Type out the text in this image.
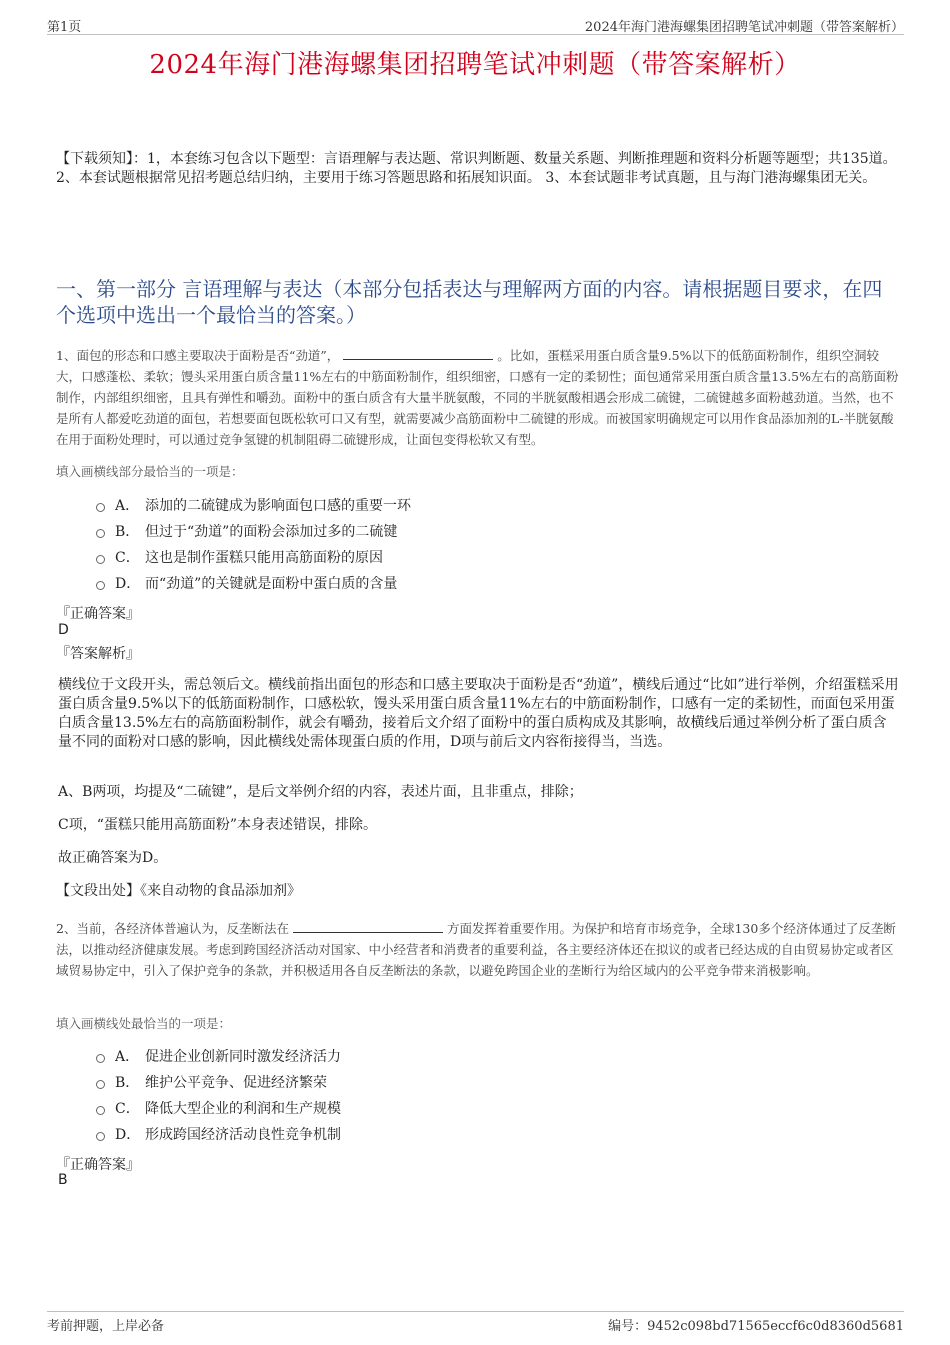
第1页	2024年海门港海螺集团招聘笔试冲刺题（带答案解析）
2024年海门港海螺集团招聘笔试冲刺题（带答案解析）
【下载须知】：1，本套练习包含以下题型：言语理解与表达题、常识判断题、数量关系题、判断推理题和资料分析题等题型；共135道。 2、本套试题根据常见招考题总结归纳，主要用于练习答题思路和拓展知识面。 3、本套试题非考试真题，且与海门港海螺集团无关。
一、第一部分 言语理解与表达（本部分包括表达与理解两方面的内容。请根据题目要求，在四个选项中选出一个最恰当的答案。）
1、面包的形态和口感主要取决于面粉是否“劲道”，	。比如，蛋糕采用蛋白质含量9.5%以下的低筋面粉制作，组织空洞较大，口感蓬松、柔软；馒头采用蛋白质含量11%左右的中筋面粉制作，组织细密，口感有一定的柔韧性；面包通常采用蛋白质含量13.5%左右的高筋面粉制作，内部组织细密，且具有弹性和嚼劲。面粉中的蛋白质含有大量半胱氨酸，不同的半胱氨酸相遇会形成二硫键，二硫键越多面粉越劲道。当然，也不是所有人都爱吃劲道的面包，若想要面包既松软可口又有型，就需要减少高筋面粉中二硫键的形成。而被国家明确规定可以用作食品添加剂的L-半胱氨酸在用于面粉处理时，可以通过竞争氢键的机制阻碍二硫键形成，让面包变得松软又有型。
填入画横线部分最恰当的一项是：
A． 添加的二硫键成为影响面包口感的重要一环
B． 但过于“劲道”的面粉会添加过多的二硫键
C． 这也是制作蛋糕只能用高筋面粉的原因
D． 而“劲道”的关键就是面粉中蛋白质的含量
『正确答案』
D
『答案解析』
横线位于文段开头，需总领后文。横线前指出面包的形态和口感主要取决于面粉是否“劲道”，横线后通过“比如”进行举例，介绍蛋糕采用蛋白质含量9.5%以下的低筋面粉制作，口感松软，馒头采用蛋白质含量11%左右的中筋面粉制作，口感有一定的柔韧性，而面包采用蛋白质含量13.5%左右的高筋面粉制作，就会有嚼劲，接着后文介绍了面粉中的蛋白质构成及其影响，故横线后通过举例分析了蛋白质含量不同的面粉对口感的影响，因此横线处需体现蛋白质的作用，D项与前后文内容衔接得当，当选。
A、B两项，均提及“二硫键”，是后文举例介绍的内容，表述片面，且非重点，排除；
C项，“蛋糕只能用高筋面粉”本身表述错误，排除。
故正确答案为D。
【文段出处】《来自动物的食品添加剂》
2、当前，各经济体普遍认为，反垄断法在	方面发挥着重要作用。为保护和培育市场竞争，全球130多个经济体通过了反垄断法，以推动经济健康发展。考虑到跨国经济活动对国家、中小经营者和消费者的重要利益，各主要经济体还在拟议的或者已经达成的自由贸易协定或者区域贸易协定中，引入了保护竞争的条款，并积极适用各自反垄断法的条款，以避免跨国企业的垄断行为给区域内的公平竞争带来消极影响。
填入画横线处最恰当的一项是：
A． 促进企业创新同时激发经济活力
B． 维护公平竞争、促进经济繁荣
C． 降低大型企业的利润和生产规模
D． 形成跨国经济活动良性竞争机制
『正确答案』
B
考前押题，上岸必备	编号：9452c098bd71565eccf6c0d8360d5681
